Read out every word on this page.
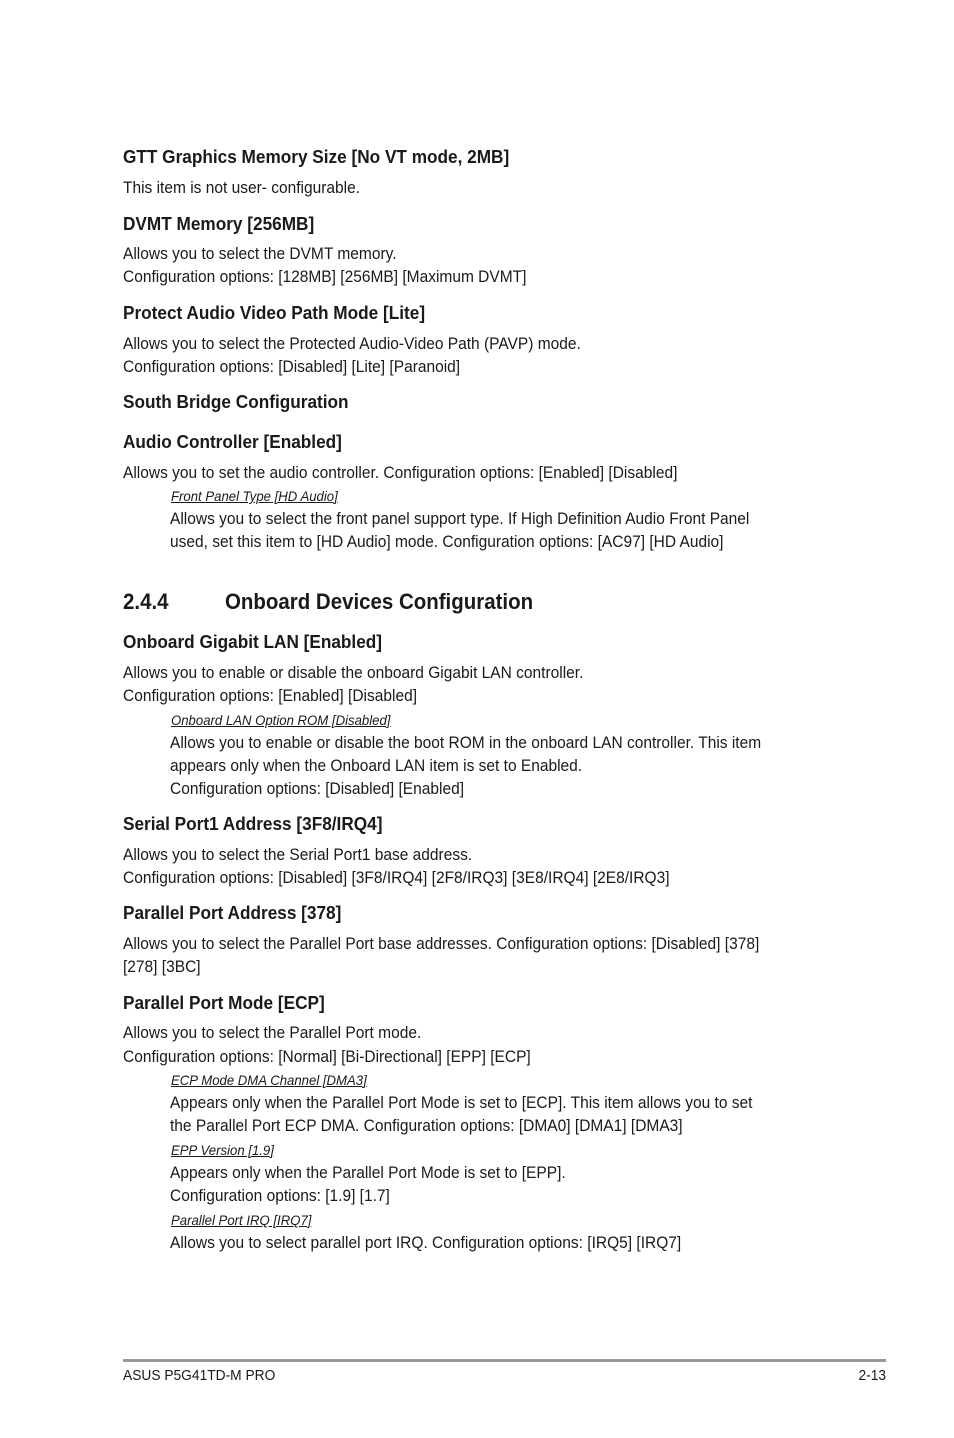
GTT Graphics Memory Size [No VT mode, 2MB]
This item is not user- configurable.
DVMT Memory [256MB]
Allows you to select the DVMT memory.
Configuration options: [128MB] [256MB] [Maximum DVMT]
Protect Audio Video Path Mode [Lite]
Allows you to select the Protected Audio-Video Path (PAVP) mode.
Configuration options: [Disabled] [Lite] [Paranoid]
South Bridge Configuration
Audio Controller [Enabled]
Allows you to set the audio controller. Configuration options: [Enabled] [Disabled]
Front Panel Type [HD Audio]
Allows you to select the front panel support type. If High Definition Audio Front Panel
used, set this item to [HD Audio] mode. Configuration options: [AC97] [HD Audio]
2.4.4	Onboard Devices Configuration
Onboard Gigabit LAN [Enabled]
Allows you to enable or disable the onboard Gigabit LAN controller.
Configuration options: [Enabled] [Disabled]
Onboard LAN Option ROM [Disabled]
Allows you to enable or disable the boot ROM in the onboard LAN controller. This item
appears only when the Onboard LAN item is set to Enabled.
Configuration options: [Disabled] [Enabled]
Serial Port1 Address [3F8/IRQ4]
Allows you to select the Serial Port1 base address.
Configuration options: [Disabled] [3F8/IRQ4] [2F8/IRQ3] [3E8/IRQ4] [2E8/IRQ3]
Parallel Port Address [378]
Allows you to select the Parallel Port base addresses. Configuration options: [Disabled] [378]
[278] [3BC]
Parallel Port Mode [ECP]
Allows you to select the Parallel Port mode.
Configuration options: [Normal] [Bi-Directional] [EPP] [ECP]
ECP Mode DMA Channel [DMA3]
Appears only when the Parallel Port Mode is set to [ECP]. This item allows you to set
the Parallel Port ECP DMA. Configuration options: [DMA0] [DMA1] [DMA3]
EPP Version [1.9]
Appears only when the Parallel Port Mode is set to [EPP].
Configuration options: [1.9] [1.7]
Parallel Port IRQ [IRQ7]
Allows you to select parallel port IRQ. Configuration options: [IRQ5] [IRQ7]
ASUS P5G41TD-M PRO	2-13
